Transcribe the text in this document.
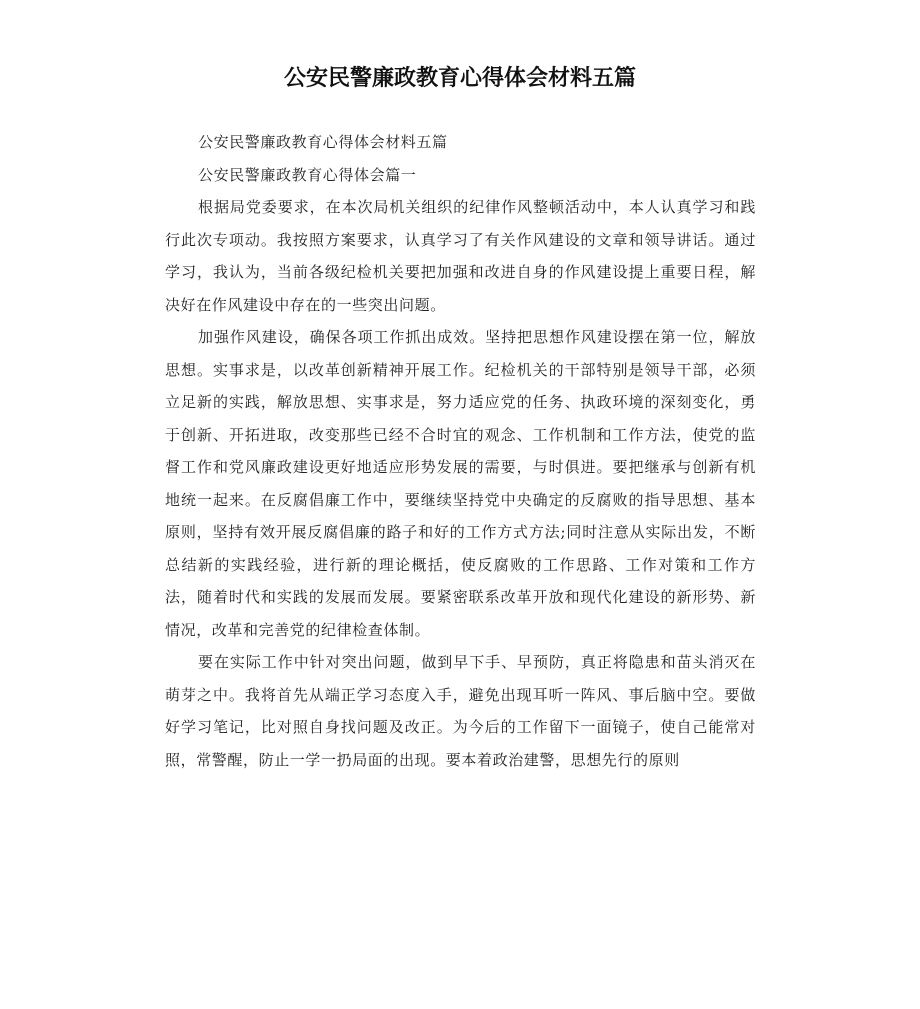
公安民警廉政教育心得体会材料五篇

公安民警廉政教育心得体会材料五篇

公安民警廉政教育心得体会篇一

根据局党委要求，在本次局机关组织的纪律作风整顿活动中，本人认真学习和践行此次专项动。我按照方案要求，认真学习了有关作风建设的文章和领导讲话。通过学习，我认为，当前各级纪检机关要把加强和改进自身的作风建设提上重要日程，解决好在作风建设中存在的一些突出问题。

加强作风建设，确保各项工作抓出成效。坚持把思想作风建设摆在第一位，解放思想。实事求是，以改革创新精神开展工作。纪检机关的干部特别是领导干部，必须立足新的实践，解放思想、实事求是，努力适应党的任务、执政环境的深刻变化，勇于创新、开拓进取，改变那些已经不合时宜的观念、工作机制和工作方法，使党的监督工作和党风廉政建设更好地适应形势发展的需要，与时俱进。要把继承与创新有机地统一起来。在反腐倡廉工作中，要继续坚持党中央确定的反腐败的指导思想、基本原则，坚持有效开展反腐倡廉的路子和好的工作方式方法;同时注意从实际出发，不断总结新的实践经验，进行新的理论概括，使反腐败的工作思路、工作对策和工作方法，随着时代和实践的发展而发展。要紧密联系改革开放和现代化建设的新形势、新情况，改革和完善党的纪律检查体制。

要在实际工作中针对突出问题，做到早下手、早预防，真正将隐患和苗头消灭在萌芽之中。我将首先从端正学习态度入手，避免出现耳听一阵风、事后脑中空。要做好学习笔记，比对照自身找问题及改正。为今后的工作留下一面镜子，使自己能常对照，常警醒，防止一学一扔局面的出现。要本着政治建警，思想先行的原则
